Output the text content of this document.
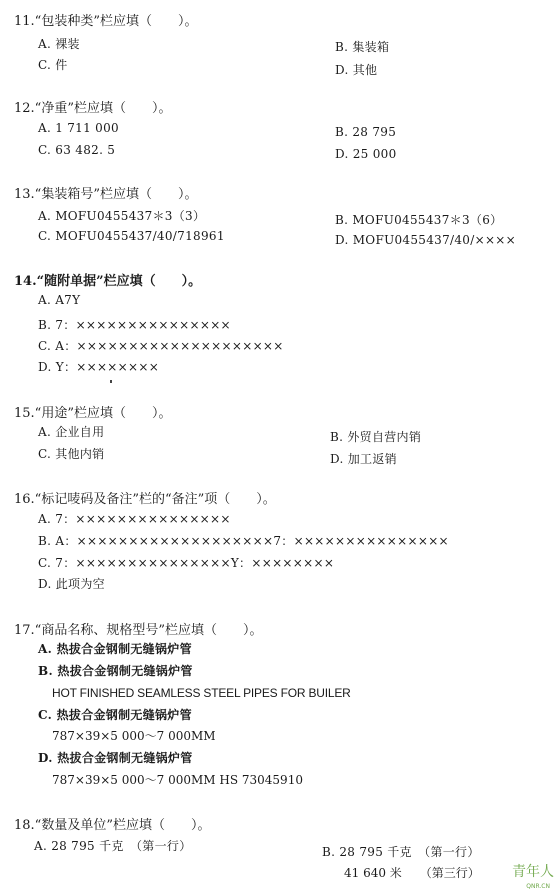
11.“包装种类”栏应填（　　）。
A. 裸装	B. 集装箱
C. 件	D. 其他
12.“净重”栏应填（　　）。
A. 1 711 000	B. 28 795
C. 63 482. 5	D. 25 000
13.“集装箱号”栏应填（　　）。
A. MOFU0455437＊3（3）	B. MOFU0455437＊3（6）
C. MOFU0455437/40/718961	D. MOFU0455437/40/××××
14.“随附单据”栏应填（　　）。
A. A7Y
B. 7：×××××××××××××××
C. A：××××××××××××××××××××
D. Y：××××××××
15.“用途”栏应填（　　）。
A. 企业自用	B. 外贸自营内销
C. 其他内销	D. 加工返销
16.“标记唛码及备注”栏的“备注”项（　　）。
A. 7：×××××××××××××××
B. A：×××××××××××××××××××7：×××××××××××××××
C. 7：×××××××××××××××Y：××××××××
D. 此项为空
17.“商品名称、规格型号”栏应填（　　）。
A. 热拔合金钢制无缝锅炉管
B. 热拔合金钢制无缝锅炉管
HOT FINISHED SEAMLESS STEEL PIPES FOR BUILER
C. 热拔合金钢制无缝锅炉管
787×39×5 000～7 000MM
D. 热拔合金钢制无缝锅炉管
787×39×5 000～7 000MM HS 73045910
18.“数量及单位”栏应填（　　）。
A. 28 795 千克　（第一行）	B. 28 795 千克　（第一行）
41 640 米　　（第三行） 青年人
QNR.CN
